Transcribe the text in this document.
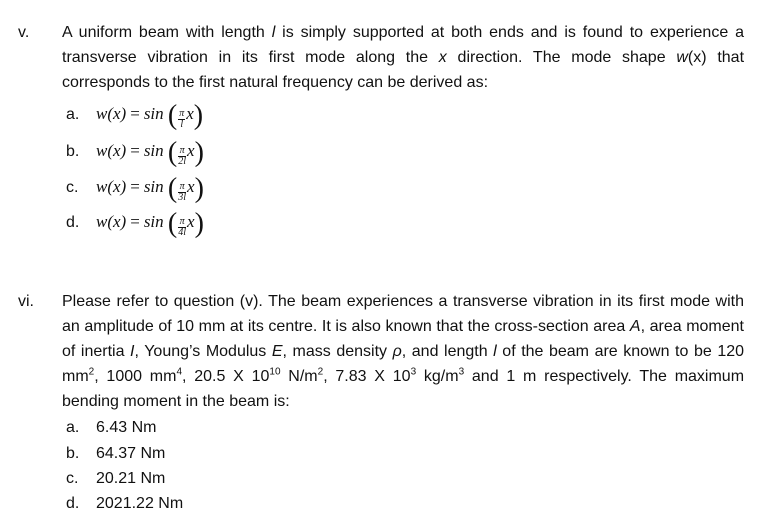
v. A uniform beam with length l is simply supported at both ends and is found to experience a transverse vibration in its first mode along the x direction. The mode shape w(x) that corresponds to the first natural frequency can be derived as:
a. w(x) = sin ( $\frac{\pi}{l} x$)
b. w(x) = sin ( $\frac{\pi}{2l} x$)
c. w(x) = sin ( $\frac{\pi}{3l} x$)
d. w(x) = sin ( $\frac{\pi}{4l} x$)
vi. Please refer to question (v). The beam experiences a transverse vibration in its first mode with an amplitude of 10 mm at its centre. It is also known that the cross-section area A, area moment of inertia I, Young’s Modulus E, mass density ρ, and length l of the beam are known to be 120 $mm^2$, 1000 $mm^4$, 20.5 X $10^{10}$ $N/m^2$, 7.83 X $10^3$ $kg/m^3$ and 1 m respectively. The maximum bending moment in the beam is:
a. 6.43 Nm
b. 64.37 Nm
c. 20.21 Nm
d. 2021.22 Nm
